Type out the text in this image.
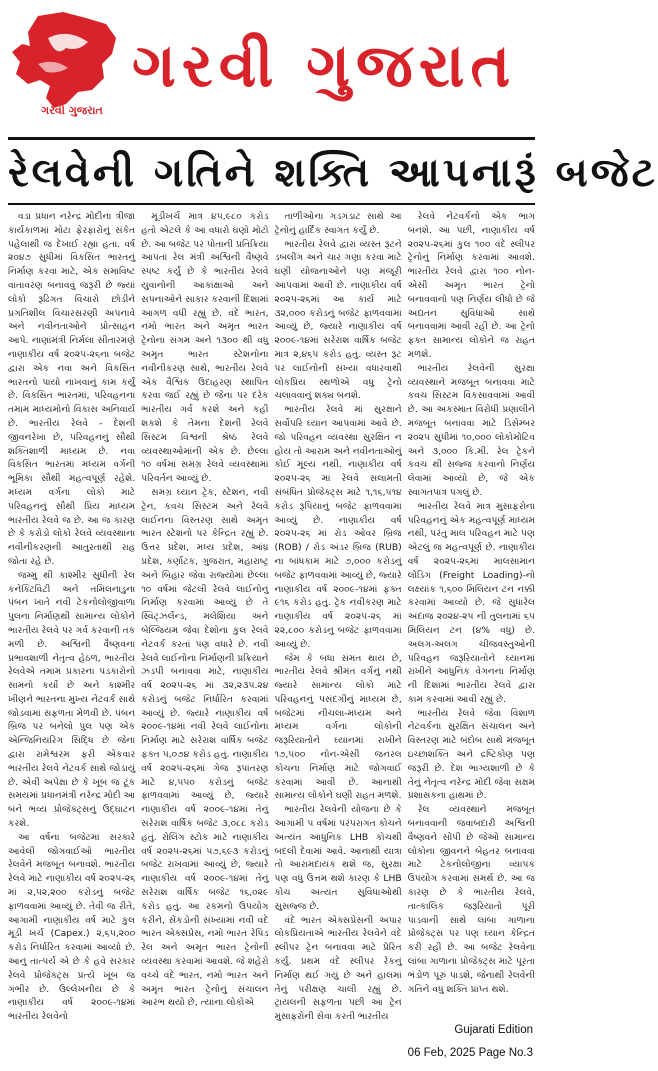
ગરવી ગુજરાત
ગરવી ગુજરાત
રેલવેની ગતિને શક્તિ આપનારૂં બજેટ

વડા પ્રધાન નરેન્દ્ર મોદીના ત્રીજા કાર્યકાળમાં મોટા ફેરફારોનું સંકેત પહેલાથી જ દેખાઈ રહ્યા હતા. વર્ષ ૨૦૪૭ સુધીમાં વિકસિત ભારતનું નિર્માણ કરવા માટે, એક સમાવિષ્ટ વાતાવરણ બનાવવું જરૂરી છે જ્યાં લોકો રૂઢિગત વિચારો છોડીને પ્રગતિશીલ વિચારસરણી અપનાવે અને નવીનતાઓને પ્રોત્સાહન આપે. નાણાંમંત્રી નિર્મલા સીતારમણે નાણાકીય વર્ષ ૨૦૨૫-૨૬ના બજેટ દ્વારા એક નવા અને વિકસિત ભારતનો પાયો નાખવાનું કામ કર્યું છે. વિકસિત ભારતમાં, પરિવહનના તમામ માધ્યમોનો વિકાસ અનિવાર્ય છે. ભારતીય રેલવે - દેશની જીવનરેખા છે, પરિવહનનું સૌથી શક્તિશાળી માધ્યમ છે. નવા વિકસિત ભારતમાં મધ્યમ વર્ગની ભૂમિકા સૌથી મહત્વપૂર્ણ રહેશે. મધ્યમ વર્ગના લોકો માટે પરિવહનનું સૌથી પ્રિય માધ્યમ ભારતીય રેલવે જ છે. આ જ કારણ છે કે કરોડો લોકો રેલવે વ્યવસ્થાના નવીનીકરણની આતુરતાથી રાહ જોતા રહે છે.

જમ્મુ થી કાશ્મીર સુધીની રેલ કનેક્ટિવિટી અને તમિલનાડુના પંબન ખાતે નવી ટેકનોલોજીવાળા પુલના નિર્માણથી સામાન્ય લોકોને ભારતીય રેલવે પર ગર્વ કરવાની તક મળી છે. અશ્વિની વૈષ્ણવના પ્રભાવશાળી નેતૃત્વ હેઠળ, ભારતીય રેલવેએ તમામ પ્રકારના પડકારોનો સામનો કર્યો છે અને કાશ્મીર ખીણને ભારતના મુખ્ય નેટવર્ક સાથે જોડવામાં સફળતા મેળવી છે. પંબન બ્રિજ પર બનેલો પુલ પણ એક એન્જિનિયરિંગ સિદ્ધિ છે જેના દ્વારા રામેશ્વરમ ફરી એકવાર ભારતીય રેલવે નેટવર્ક સાથે જોડાયું છે. એવી અપેક્ષા છે કે ખૂબ જ ટૂંક સમયમાં પ્રધાનમંત્રી નરેન્દ્ર મોદી આ બંને ભવ્ય પ્રોજેક્ટ્સનું ઉદ્ઘાટન કરશે.

આ વર્ષના બજેટમાં સરકારે આવેલી જોગવાઈઓ ભારતીય રેલવેને મજબૂત બનાવશે. ભારતીય રેલવે માટે નાણાકીય વર્ષ ૨૦૨૫-૨૬ માં ૨,૫૨,૨૦૦ કરોડનું બજેટ ફાળવવામાં આવ્યું છે. તેવી જ રીતે, આગામી નાણાકીય વર્ષ માટે કુલ મૂડી ખર્ચ (Capex.) ૨,૬૫,૨૦૦ કરોડ નિર્ધારિત કરવામાં આવ્યો છે. આનું તાત્પર્ય એ છે કે હવે સરકાર રેલવે પ્રોજેક્ટ્સ પ્રત્યે ખૂબ જ ગંભીર છે. ઉલ્લેખનીય છે કે નાણાકીય વર્ષ ૨૦૦૯-૧૪માં ભારતીય રેલવેનો

મૂડીખર્ચ માત્ર ૪૫,૯૮૦ કરોડ હતો એટલે કે આ વધારો ઘણો મોટો છે. આ બજેટ પર પોતાની પ્રતિક્રિયા આપતાં રેલ મંત્રી અશ્વિની વૈષ્ણવે સ્પષ્ટ કર્યું છે કે ભારતીય રેલવે યુવાનોની આકાંક્ષાઓ અને સપનાઓને સાકાર કરવાની દિશામાં આગળ વધી રહ્યું છે. વંદે ભારત, નમો ભારત અને અમૃત ભારત ટ્રેનોના સંગમ અને ૧૩૦૦ થી વધુ અમૃત ભારત સ્ટેશનોના નવીનીકરણ સાથે, ભારતીય રેલવે એક વૈશ્વિક ઉદાહરણ સ્થાપિત કરવા જઈ રહ્યું છે જેના પર દરેક ભારતીય ગર્વ કરશે અને કહી શકશે કે તેમના દેશની રેલવે સિસ્ટમ વિશ્વની શ્રેષ્ઠ રેલવે વ્યવસ્થાઓમાંની એક છે. છેલ્લા ૧૦ વર્ષમાં સમગ્ર રેલવે વ્યવસ્થામાં પરિવર્તન આવ્યું છે.

સમગ્ર ઘ્યાન ટ્રેક, સ્ટેશન, નવી ટ્રેન, કવચ સિસ્ટમ અને રેલવે લાઈનના વિસ્તરણ સાથે અમૃત ભારત સ્ટેશનો પર કેન્દ્રિત રહ્યું છે. ઉત્તર પ્રદેશ, મધ્ય પ્રદેશ, આંધ્ર પ્રદેશ, કર્ણાટક, ગુજરાત, મહારાષ્ટ્ર અને બિહાર જેવા રાજ્યોમાં છેલ્લા ૧૦ વર્ષમાં જેટલી રેલવે લાઈનોનું નિર્માણ કરવામાં આવ્યું છે તે સ્વિટ્ઝર્લેન્ડ, મલેશિયા અને બેલ્જિયમ જેવા દેશોના કુલ રેલવે નેટવર્ક કરતાં પણ વધારે છે. નવી રેલવે લાઈનોના નિર્માણની પ્રક્રિયાને ઝડપી બનાવવા માટે, નાણાકીય વર્ષ ૨૦૨૫-૨૬ માં ૩૨,૨૩૫.૨૪ કરોડનું બજેટ નિર્ધારિત કરવામાં આવ્યું છે. જ્યારે નાણાકીય વર્ષ ૨૦૦૯-૧૪માં નવી રેલવે લાઈનોના નિર્માણ માટે સરેરાશ વાર્ષિક બજેટ ફક્ત ૫,૦૭૪ કરોડ હતું. નાણાકીય વર્ષ ૨૦૨૫-૨૬માં ગેજ રૂપાંતરણ માટે ૪,૫૫૦ કરોડનું બજેટ ફાળવવામાં આવ્યું છે, જ્યારે નાણાકીય વર્ષ ૨૦૦૯-૧૪માં તેનું સરેરાશ વાર્ષિક બજેટ ૩,૦૮૮ કરોડ હતું. રોલિંગ સ્ટોક માટે નાણાકીય વર્ષ ૨૦૨૫-૨૬માં ૫૭,૬૯૩ કરોડનું બજેટ રાખવામાં આવ્યું છે, જ્યારે નાણાકીય વર્ષ ૨૦૦૯-૧૪માં તેનું સરેરાશ વાર્ષિક બજેટ ૧૬,૦૨૯ કરોડ હતું. આ રકમનો ઉપયોગ કરીને, સેંકડોની સંખ્યામાં નવી વંદે ભારત એક્સપ્રેસ, નમો ભારત રેપિડ રેલ અને અમૃત ભારત ટ્રેનોની વ્યવસ્થા કરવામાં આવશે. જે શહેરો વચ્ચે વંદે ભારત, નમો ભારત અને અમૃત ભારત ટ્રેનોનું સંચાલન આરંભ થયો છે, ત્યાંના લોકોએ

તાળીઓના ગડગડાટ સાથે આ ટ્રેનોનું હાર્દિક સ્વાગત કર્યું છે.

ભારતીય રેલવે દ્વારા વ્યસ્ત રૂટને ડબલીંગ અને ચાર ગણા કરવા માટે ઘણી યોજનાઓને પણ મંજૂરી આપવામાં આવી છે. નાણાકીય વર્ષ ૨૦૨૫-૨૬માં આ કાર્ય માટે ૩૨,૦૦૦ કરોડનું બજેટ ફાળવવામાં આવ્યું છે, જ્યારે નાણાકીય વર્ષ ૨૦૦૯-૧૪માં સરેરાશ વાર્ષિક બજેટ માત્ર ૨,૪૬૫ કરોડ હતું. વ્યસ્ત રૂટ પર લાઈનોની સંખ્યા વધારવાથી લોકપ્રિય સ્થળોએ વધુ ટ્રેનો ચલાવવાનું શક્ય બનશે.

ભારતીય રેલવે માં સુરક્ષાને સર્વોપરિ ઘ્યાન આપવામાં આવે છે. જો પરિવહન વ્યવસ્થા સુરક્ષિત ન હોય તો આરામ અને નવીનતાઓનું કોઈ મૂલ્ય નથી. નાણાકીય વર્ષ ૨૦૨૫-૨૬ માં રેલવે સલામતી સંબંધિત પ્રોજેક્ટ્સ માટે ૧,૧૬,૫૧૪ કરોડ રૂપિયાનું બજેટ ફાળવવામાં આવ્યું છે. નાણાકીય વર્ષ ૨૦૨૫-૨૬ માં રોડ ઓવર બ્રિજ (ROB) / રોડ અંડર બ્રિજ (RUB) ના બાંધકામ માટે ૭,૦૦૦ કરોડનું બજેટ ફાળવવામાં આવ્યું છે, જ્યારે નાણાકીય વર્ષ ૨૦૦૯-૧૪માં ફક્ત ૯૧૬ કરોડ હતું. ટ્રેક નવીકરણ માટે નાણાકીય વર્ષ ૨૦૨૫-૨૬ માં ૨૨,૮૦૦ કરોડનું બજેટ ફાળવવામાં આવ્યું છે.

જેમ કે બધા સંમત થાય છે, ભારતીય રેલવે શ્રીમંત વર્ગનું નથી જ્યારે સામાન્ય લોકો માટે પરિવહનનું પસંદગીનું માધ્યમ છે, બજેટમાં નીચલા-મધ્યમ અને મધ્યમ વર્ગના લોકોની જરૂરિયાતોને ઘ્યાનમાં રાખીને ૧૭,૫૦૦ નોન-એસી જનરલ કોચના નિર્માણ માટે જોગવાઈ કરવામાં આવી છે. આનાથી સામાન્ય લોકોને ઘણી રાહત મળશે.

ભારતીય રેલવેની યોજના છે કે આગામી ૫ વર્ષમાં પરંપરાગત કોચને અત્યંત આધુનિક LHB કોચથી બદલી દેવામાં આવે. આનાથી યાત્રા તો આરામદાયક થશે જ, સુરક્ષા પણ વધુ ઉત્તમ થશે કારણ કે LHB કોચ અત્યંત સુવિધાઓથી સુસજ્જ છે.

વંદે ભારત એક્સપ્રેસની અપાર લોકપ્રિયતાએ ભારતીય રેલવેને વંદે સ્લીપર ટ્રેન બનાવવા માટે પ્રેરિત કર્યું. પ્રથમ વંદે સ્લીપર રેકનું નિર્માણ થઈ ગયું છે અને હાલમાં તેનું પરીક્ષણ ચાલી રહ્યું છે. ટ્રાયલની સફળતા પછી આ ટ્રેન મુસાફરોની સેવા કરતી ભારતીય

રેલવે નેટવર્કનો એક ભાગ બનશે. આ પછી, નાણાકીય વર્ષ ૨૦૨૫-૨૬માં કુલ ૧૦૦ વંદે સ્લીપર ટ્રેનોનું નિર્માણ કરવામાં આવશે. ભારતીય રેલવે દ્વારા ૧૦૦ નોન-એસી અમૃત ભારત ટ્રેનો બનાવવાનો પણ નિર્ણય લીધો છે જે અદ્યતન સુવિધાઓ સાથે બનાવવામાં આવી રહી છે. આ ટ્રેનો ફક્ત સામાન્ય લોકોને જ રાહત મળશે.

ભારતીય રેલવેની સુરક્ષા વ્યવસ્થાને મજબૂત બનાવવા માટે કવચ સિસ્ટમ વિકસાવવામાં આવી છે. આ અકસ્માત વિરોધી પ્રણાલીને મજબૂત બનાવવા માટે ડિસેમ્બર ૨૦૨૫ સુધીમાં ૧૦,૦૦૦ લોકોમોટિવ અને ૩,૦૦૦ કિ.મી. રેલ ટ્રેકને કવચ થી સજ્જ કરવાનો નિર્ણય લેવામાં આવ્યો છે, જે એક સ્વાગતપાત્ર પગલું છે.

ભારતીય રેલવે માત્ર મુસાફરોના પરિવહનનું એક મહત્વપૂર્ણ માધ્યમ નથી, પરંતુ માલ પરિવહન માટે પણ એટલું જ મહત્વપૂર્ણ છે. નાણાકીય વર્ષ ૨૦૨૫-૨૬માં માલસામાન લોડિંગ (Freight Loading)-નો લક્ષ્યાંક ૧,૬૦૦ મિલિયન ટન નક્કી કરવામાં આવ્યો છે. જે સુધારેલ અંદાજ ૨૦૨૪-૨૫ ની તુલનામાં ૬૫ મિલિયન ટન (૪% વધુ) છે. અલગ-અલગ ચીજવસ્તુઓની પરિવહન જરૂરિયાતોને ઘ્યાનમાં રાખીને આધુનિક વેગનના નિર્માણ ની દિશામાં ભારતીય રેલવે દ્વારા કામ કરવામાં આવી રહ્યું છે.

ભારતીય રેલવે જેવા વિશાળ નેટવર્કના સુરક્ષિત સંચાલન અને વિસ્તરણ માટે બંદોબ સાથે મજબૂત ઇચ્છાશક્તિ અને દ્રષ્ટિકોણ પણ જરૂરી છે. દેશ ભાગ્યશાળી છે કે તેનું નેતૃત્વ નરેન્દ્ર મોદી જેવા સક્ષમ પ્રશાસકના હાથમાં છે.

રેલ વ્યવસ્થાને મજબૂત બનાવવાની જવાબદારી અશ્વિની વૈષ્ણવને સોંપી છે જેઓ સામાન્ય લોકોના જીવનને બેહતર બનાવવા માટે ટેકનોલોજીના વ્યાપક ઉપયોગ કરવામાં સમર્થ છે. આ જ કારણ છે કે ભારતીય રેલવે, તાત્કાલિક જરૂરિયાતો પૂરી પાડવાની સાથે લાંબા ગાળાના પ્રોજેક્ટ્સ પર પણ ઘ્યાન કેન્દ્રિત કરી રહી છે. આ બજેટ રેલવેના લાંબા ગાળાના પ્રોજેક્ટ્સ માટે પૂરતા ભંડોળ પૂરું પાડશે, જેનાથી રેલવેની ગતિને વધુ શક્તિ પ્રાપ્ત થશે.

Gujarati Edition
06 Feb, 2025 Page No.3
